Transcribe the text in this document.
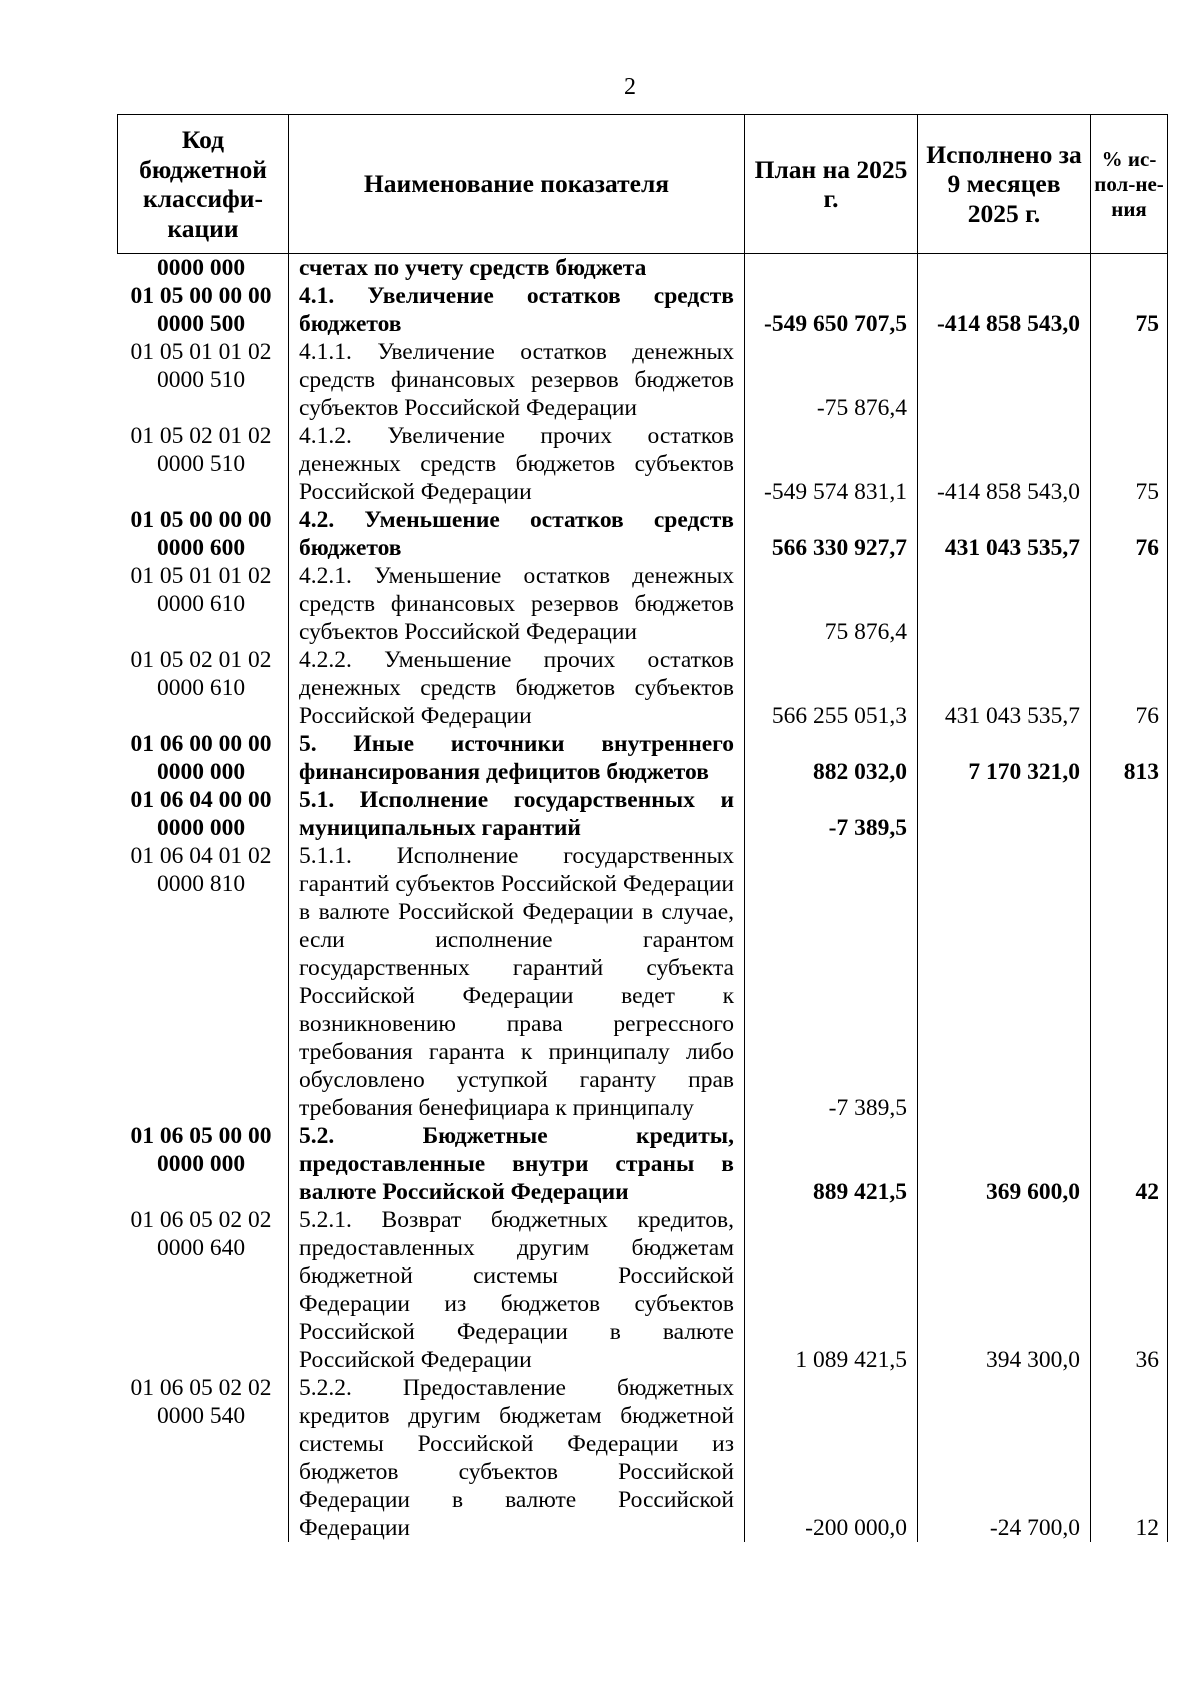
2
Код бюджетной классифи-кации	Наименование показателя	План на 2025 г.	Исполнено за 9 месяцев 2025 г.	% ис-пол-не-ния
0000 000	счетах по учету средств бюджета			
01 05 00 00 00 0000 500	4.1. Увеличение остатков средств бюджетов	-549 650 707,5	-414 858 543,0	75
01 05 01 01 02 0000 510	4.1.1. Увеличение остатков денежных средств финансовых резервов бюджетов субъектов Российской Федерации	-75 876,4		
01 05 02 01 02 0000 510	4.1.2. Увеличение прочих остатков денежных средств бюджетов субъектов Российской Федерации	-549 574 831,1	-414 858 543,0	75
01 05 00 00 00 0000 600	4.2. Уменьшение остатков средств бюджетов	566 330 927,7	431 043 535,7	76
01 05 01 01 02 0000 610	4.2.1. Уменьшение остатков денежных средств финансовых резервов бюджетов субъектов Российской Федерации	75 876,4		
01 05 02 01 02 0000 610	4.2.2. Уменьшение прочих остатков денежных средств бюджетов субъектов Российской Федерации	566 255 051,3	431 043 535,7	76
01 06 00 00 00 0000 000	5. Иные источники внутреннего финансирования дефицитов бюджетов	882 032,0	7 170 321,0	813
01 06 04 00 00 0000 000	5.1. Исполнение государственных и муниципальных гарантий	-7 389,5		
01 06 04 01 02 0000 810	5.1.1. Исполнение государственных гарантий субъектов Российской Федерации в валюте Российской Федерации в случае, если исполнение гарантом государственных гарантий субъекта Российской Федерации ведет к возникновению права регрессного требования гаранта к принципалу либо обусловлено уступкой гаранту прав требования бенефициара к принципалу	-7 389,5		
01 06 05 00 00 0000 000	5.2. Бюджетные кредиты, предоставленные внутри страны в валюте Российской Федерации	889 421,5	369 600,0	42
01 06 05 02 02 0000 640	5.2.1. Возврат бюджетных кредитов, предоставленных другим бюджетам бюджетной системы Российской Федерации из бюджетов субъектов Российской Федерации в валюте Российской Федерации	1 089 421,5	394 300,0	36
01 06 05 02 02 0000 540	5.2.2. Предоставление бюджетных кредитов другим бюджетам бюджетной системы Российской Федерации из бюджетов субъектов Российской Федерации в валюте Российской Федерации	-200 000,0	-24 700,0	12
